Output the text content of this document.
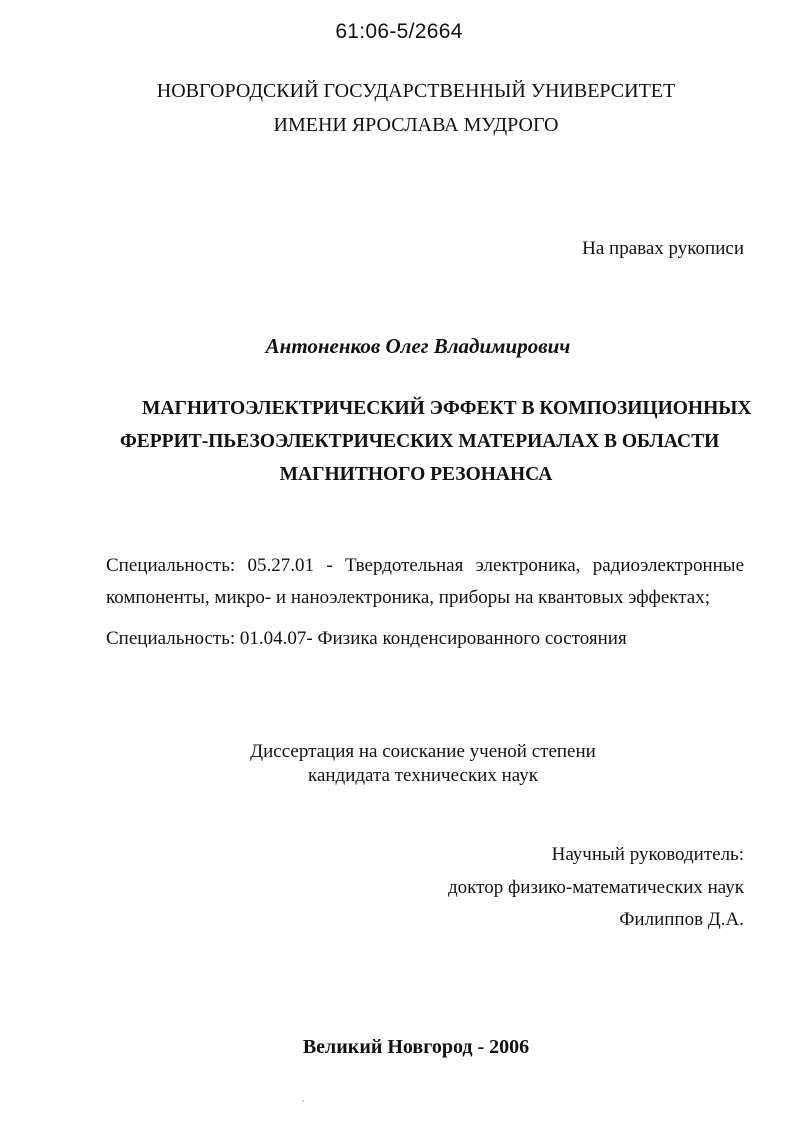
61:06-5/2664

НОВГОРОДСКИЙ ГОСУДАРСТВЕННЫЙ УНИВЕРСИТЕТ

ИМЕНИ ЯРОСЛАВА МУДРОГО

На правах рукописи

Антоненков Олег Владимирович

МАГНИТОЭЛЕКТРИЧЕСКИЙ ЭФФЕКТ В КОМПОЗИЦИОННЫХ

ФЕРРИТ-ПЬЕЗОЭЛЕКТРИЧЕСКИХ МАТЕРИАЛАХ В ОБЛАСТИ

МАГНИТНОГО РЕЗОНАНСА

Специальность: 05.27.01 - Твердотельная электроника, радиоэлектронные

компоненты, микро- и наноэлектроника, приборы на квантовых эффектах;

Специальность: 01.04.07- Физика конденсированного состояния

Диссертация на соискание ученой степени

кандидата технических наук

Научный руководитель:

доктор физико-математических наук

Филиппов Д.А.

Великий Новгород - 2006
